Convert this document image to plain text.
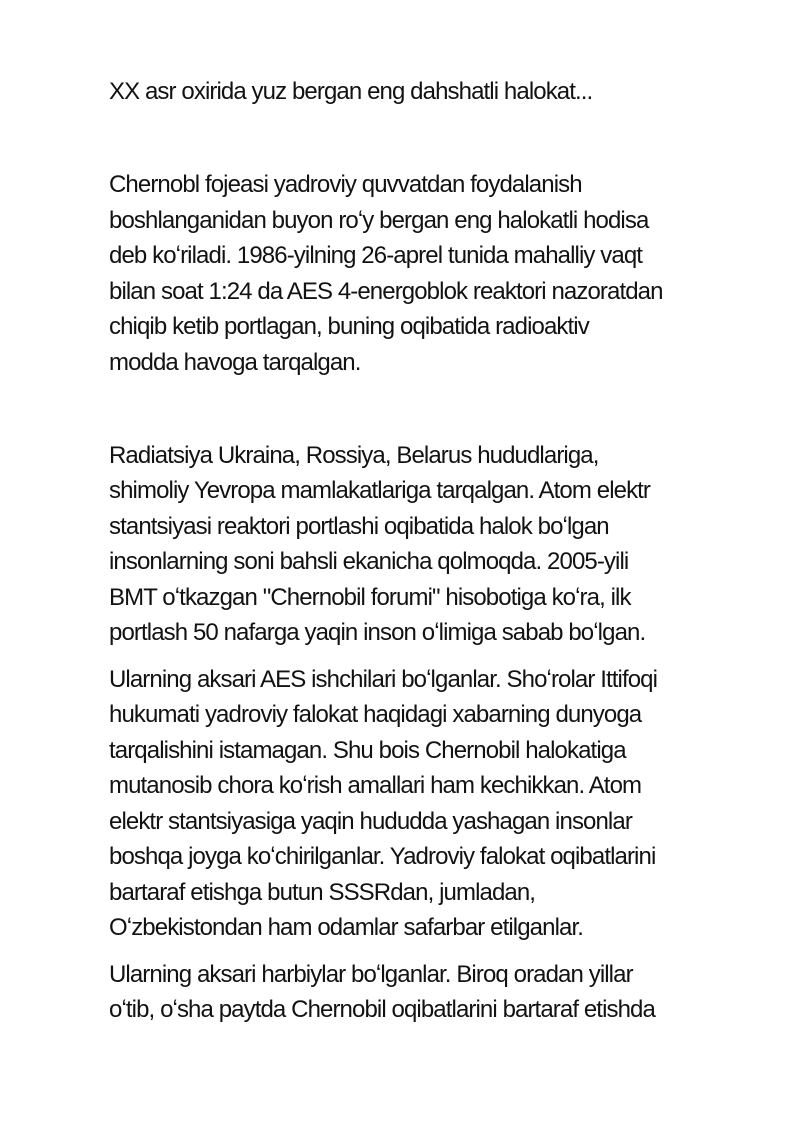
XX asr oxirida yuz bergan eng dahshatli halokat...
Chernobl fojeasi yadroviy quvvatdan foydalanish
boshlanganidan buyon roʻy bergan eng halokatli hodisa
deb koʻriladi. 1986-yilning 26-aprel tunida mahalliy vaqt
bilan soat 1:24 da AES 4-energoblok reaktori nazoratdan
chiqib ketib portlagan, buning oqibatida radioaktiv
modda havoga tarqalgan.
Radiatsiya Ukraina, Rossiya, Belarus hududlariga,
shimoliy Yevropa mamlakatlariga tarqalgan. Atom elektr
stantsiyasi reaktori portlashi oqibatida halok boʻlgan
insonlarning soni bahsli ekanicha qolmoqda. 2005-yili
BMT oʻtkazgan "Chernobil forumi" hisobotiga koʻra, ilk
portlash 50 nafarga yaqin inson oʻlimiga sabab boʻlgan.
Ularning aksari AES ishchilari boʻlganlar. Shoʻrolar Ittifoqi
hukumati yadroviy falokat haqidagi xabarning dunyoga
tarqalishini istamagan. Shu bois Chernobil halokatiga
mutanosib chora koʻrish amallari ham kechikkan. Atom
elektr stantsiyasiga yaqin hududda yashagan insonlar
boshqa joyga koʻchirilganlar. Yadroviy falokat oqibatlarini
bartaraf etishga butun SSSRdan, jumladan,
Oʻzbekistondan ham odamlar safarbar etilganlar.
Ularning aksari harbiylar boʻlganlar. Biroq oradan yillar
oʻtib, oʻsha paytda Chernobil oqibatlarini bartaraf etishda
